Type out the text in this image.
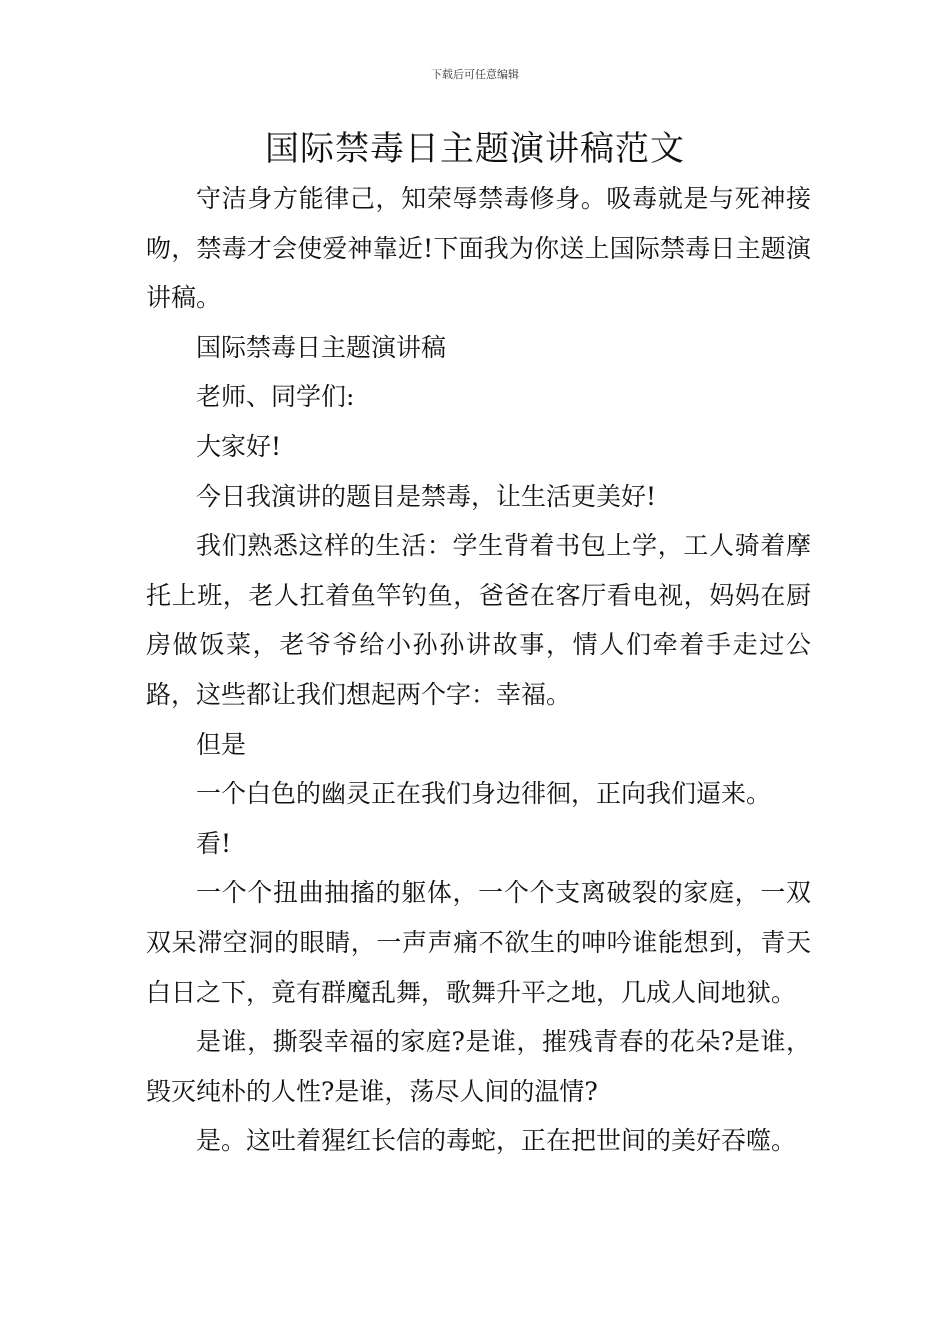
下载后可任意编辑
国际禁毒日主题演讲稿范文

守洁身方能律己，知荣辱禁毒修身。吸毒就是与死神接吻，禁毒才会使爱神靠近!下面我为你送上国际禁毒日主题演讲稿。

国际禁毒日主题演讲稿

老师、同学们:

大家好!

今日我演讲的题目是禁毒，让生活更美好!

我们熟悉这样的生活：学生背着书包上学，工人骑着摩托上班，老人扛着鱼竿钓鱼，爸爸在客厅看电视，妈妈在厨房做饭菜，老爷爷给小孙孙讲故事，情人们牵着手走过公路，这些都让我们想起两个字：幸福。

但是

一个白色的幽灵正在我们身边徘徊，正向我们逼来。

看!

一个个扭曲抽搐的躯体，一个个支离破裂的家庭，一双双呆滞空洞的眼睛，一声声痛不欲生的呻吟谁能想到，青天白日之下，竟有群魔乱舞，歌舞升平之地，几成人间地狱。

是谁，撕裂幸福的家庭?是谁，摧残青春的花朵?是谁，毁灭纯朴的人性?是谁，荡尽人间的温情?

是。这吐着猩红长信的毒蛇，正在把世间的美好吞噬。
